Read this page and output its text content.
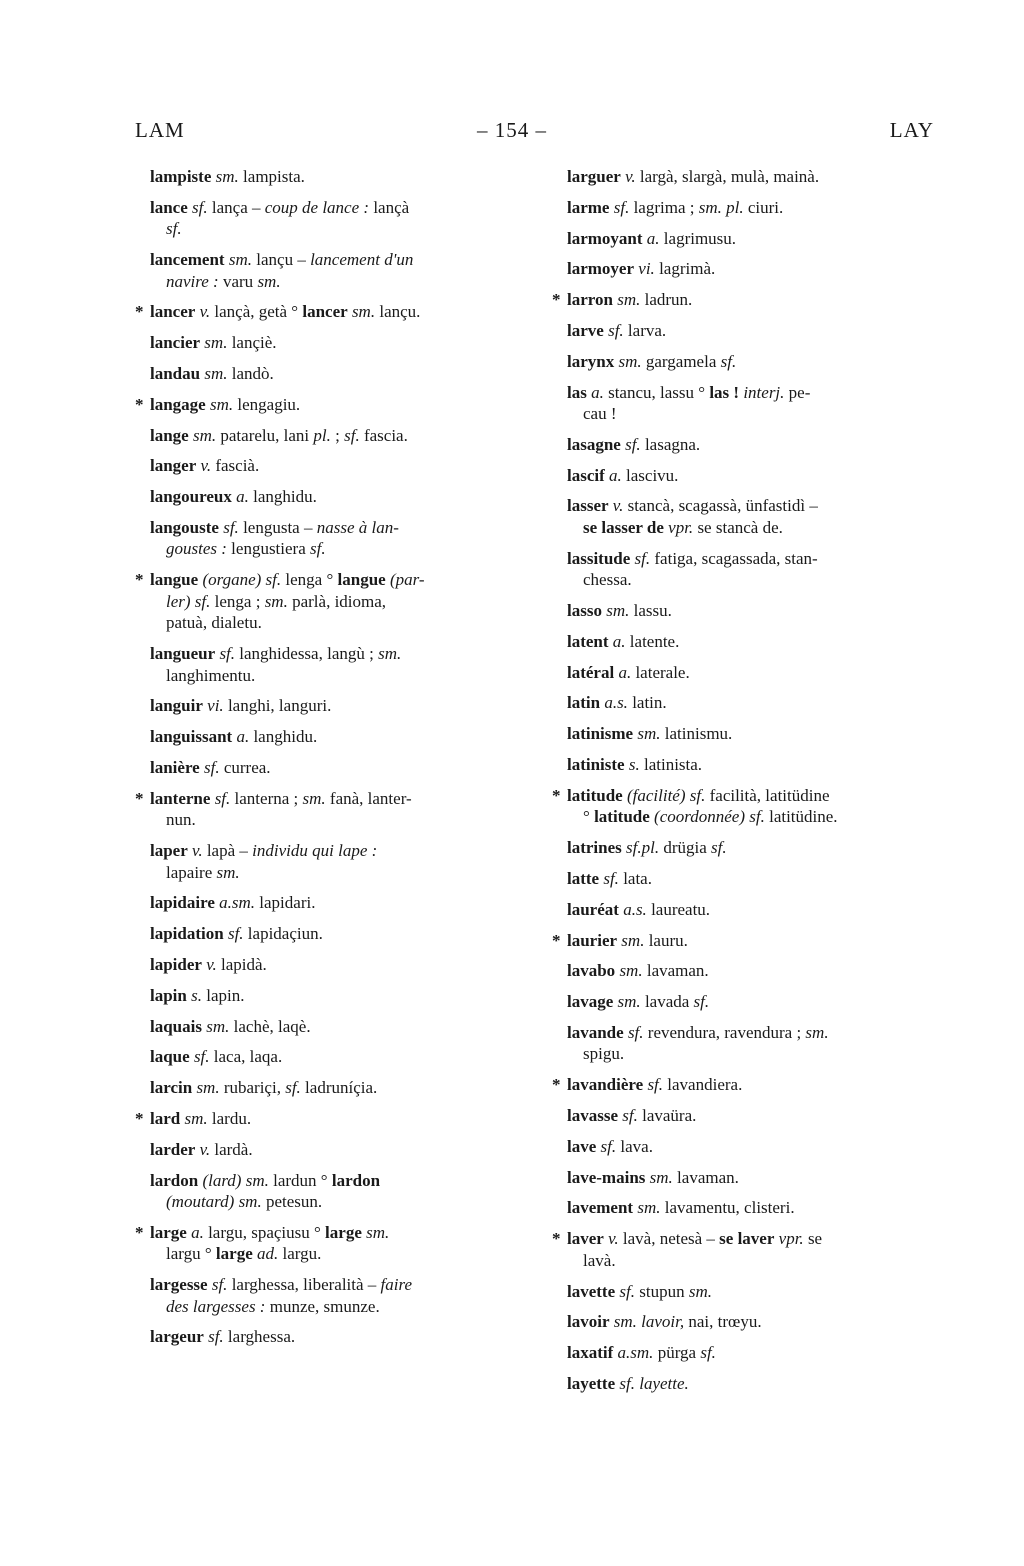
LAM	– 154 –	LAY
lampiste sm. lampista.
lance sf. lança – coup de lance : lançà
sf.
lancement sm. lançu – lancement d'un
navire : varu sm.
* lancer v. lançà, getà ° lancer sm. lançu.
lancier sm. lançiè.
landau sm. landò.
* langage sm. lengagiu.
lange sm. patarelu, lani pl. ; sf. fascia.
langer v. fascià.
langoureux a. langhidu.
langouste sf. lengusta – nasse à lan-
goustes : lengustiera sf.
* langue (organe) sf. lenga ° langue (par-
ler) sf. lenga ; sm. parlà, idioma,
patuà, dialetu.
langueur sf. langhidessa, langù ; sm.
langhimentu.
languir vi. langhi, languri.
languissant a. langhidu.
lanière sf. currea.
* lanterne sf. lanterna ; sm. fanà, lanter-
nun.
laper v. lapà – individu qui lape :
lapaire sm.
lapidaire a.sm. lapidari.
lapidation sf. lapidaçiun.
lapider v. lapidà.
lapin s. lapin.
laquais sm. lachè, laqè.
laque sf. laca, laqa.
larcin sm. rubariçi, sf. ladruníçia.
* lard sm. lardu.
larder v. lardà.
lardon (lard) sm. lardun ° lardon
(moutard) sm. petesun.
* large a. largu, spaçiusu ° large sm.
largu ° large ad. largu.
largesse sf. larghessa, liberalità – faire
des largesses : munze, smunze.
largeur sf. larghessa.
larguer v. largà, slargà, mulà, mainà.
larme sf. lagrima ; sm. pl. ciuri.
larmoyant a. lagrimusu.
larmoyer vi. lagrimà.
* larron sm. ladrun.
larve sf. larva.
larynx sm. gargamela sf.
las a. stancu, lassu ° las ! interj. pe-
cau !
lasagne sf. lasagna.
lascif a. lascivu.
lasser v. stancà, scagassà, ünfastidì –
se lasser de vpr. se stancà de.
lassitude sf. fatiga, scagassada, stan-
chessa.
lasso sm. lassu.
latent a. latente.
latéral a. laterale.
latin a.s. latin.
latinisme sm. latinismu.
latiniste s. latinista.
* latitude (facilité) sf. facilità, latitüdine
° latitude (coordonnée) sf. latitüdine.
latrines sf.pl. drügia sf.
latte sf. lata.
lauréat a.s. laureatu.
* laurier sm. lauru.
lavabo sm. lavaman.
lavage sm. lavada sf.
lavande sf. revendura, ravendura ; sm.
spigu.
* lavandière sf. lavandiera.
lavasse sf. lavaüra.
lave sf. lava.
lave-mains sm. lavaman.
lavement sm. lavamentu, clisteri.
* laver v. lavà, netesà – se laver vpr. se
lavà.
lavette sf. stupun sm.
lavoir sm. lavoir, nai, trœyu.
laxatif a.sm. pürga sf.
layette sf. layette.
